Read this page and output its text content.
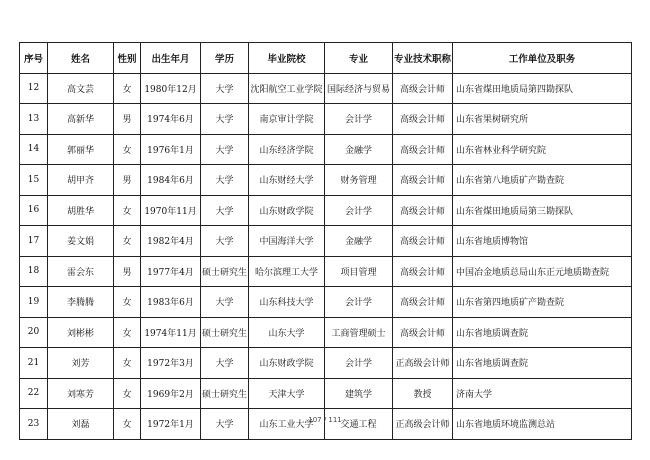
序号	姓名	性别	出生年月	学历	毕业院校	专业	专业技术职称	工作单位及职务
12	高文芸	女	1980年12月	大学	沈阳航空工业学院	国际经济与贸易	高级会计师	山东省煤田地质局第四勘探队
13	高新华	男	1974年6月	大学	南京审计学院	会计学	高级会计师	山东省果树研究所
14	郭丽华	女	1976年1月	大学	山东经济学院	金融学	高级会计师	山东省林业科学研究院
15	胡甲齐	男	1984年6月	大学	山东财经大学	财务管理	高级会计师	山东省第八地质矿产勘查院
16	胡胜华	女	1970年11月	大学	山东财政学院	会计学	高级会计师	山东省煤田地质局第三勘探队
17	姜文娟	女	1982年4月	大学	中国海洋大学	金融学	高级会计师	山东省地质博物馆
18	雷会东	男	1977年4月	硕士研究生	哈尔滨理工大学	项目管理	高级会计师	中国冶金地质总局山东正元地质勘查院
19	李腾腾	女	1983年6月	大学	山东科技大学	会计学	高级会计师	山东省第四地质矿产勘查院
20	刘彬彬	女	1974年11月	硕士研究生	山东大学	工商管理硕士	高级会计师	山东省地质调查院
21	刘芳	女	1972年3月	大学	山东财政学院	会计学	正高级会计师	山东省地质调查院
22	刘寒芳	女	1969年2月	硕士研究生	天津大学	建筑学	教授	济南大学
23	刘磊	女	1972年1月	大学	山东工业大学	交通工程	正高级会计师	山东省地质环境监测总站
107 / 111
